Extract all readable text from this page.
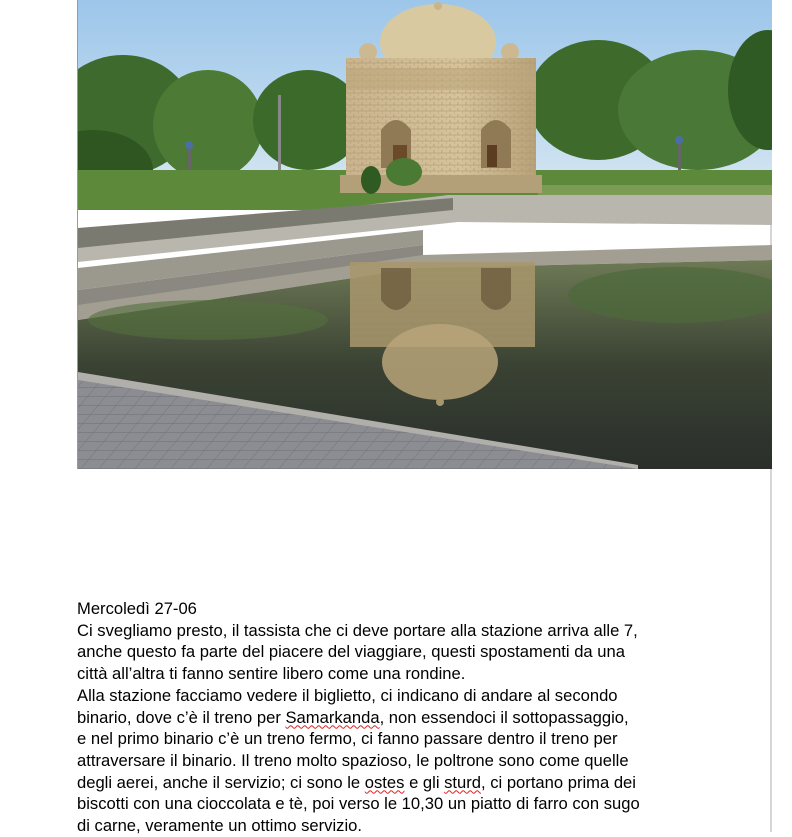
Mercoledì 27-06

Ci svegliamo presto, il tassista che ci deve portare alla stazione arriva alle 7,
anche questo fa parte del piacere del viaggiare, questi spostamenti da una
città all’altra ti fanno sentire libero come una rondine.

Alla stazione facciamo vedere il biglietto, ci indicano di andare al secondo
binario, dove c’è il treno per Samarkanda, non essendoci il sottopassaggio,
e nel primo binario c’è un treno fermo, ci fanno passare dentro il treno per
attraversare il binario. Il treno molto spazioso, le poltrone sono come quelle
degli aerei, anche il servizio; ci sono le ostes e gli sturd, ci portano prima dei
biscotti con una cioccolata e tè, poi verso le 10,30 un piatto di farro con sugo
di carne, veramente un ottimo servizio.
